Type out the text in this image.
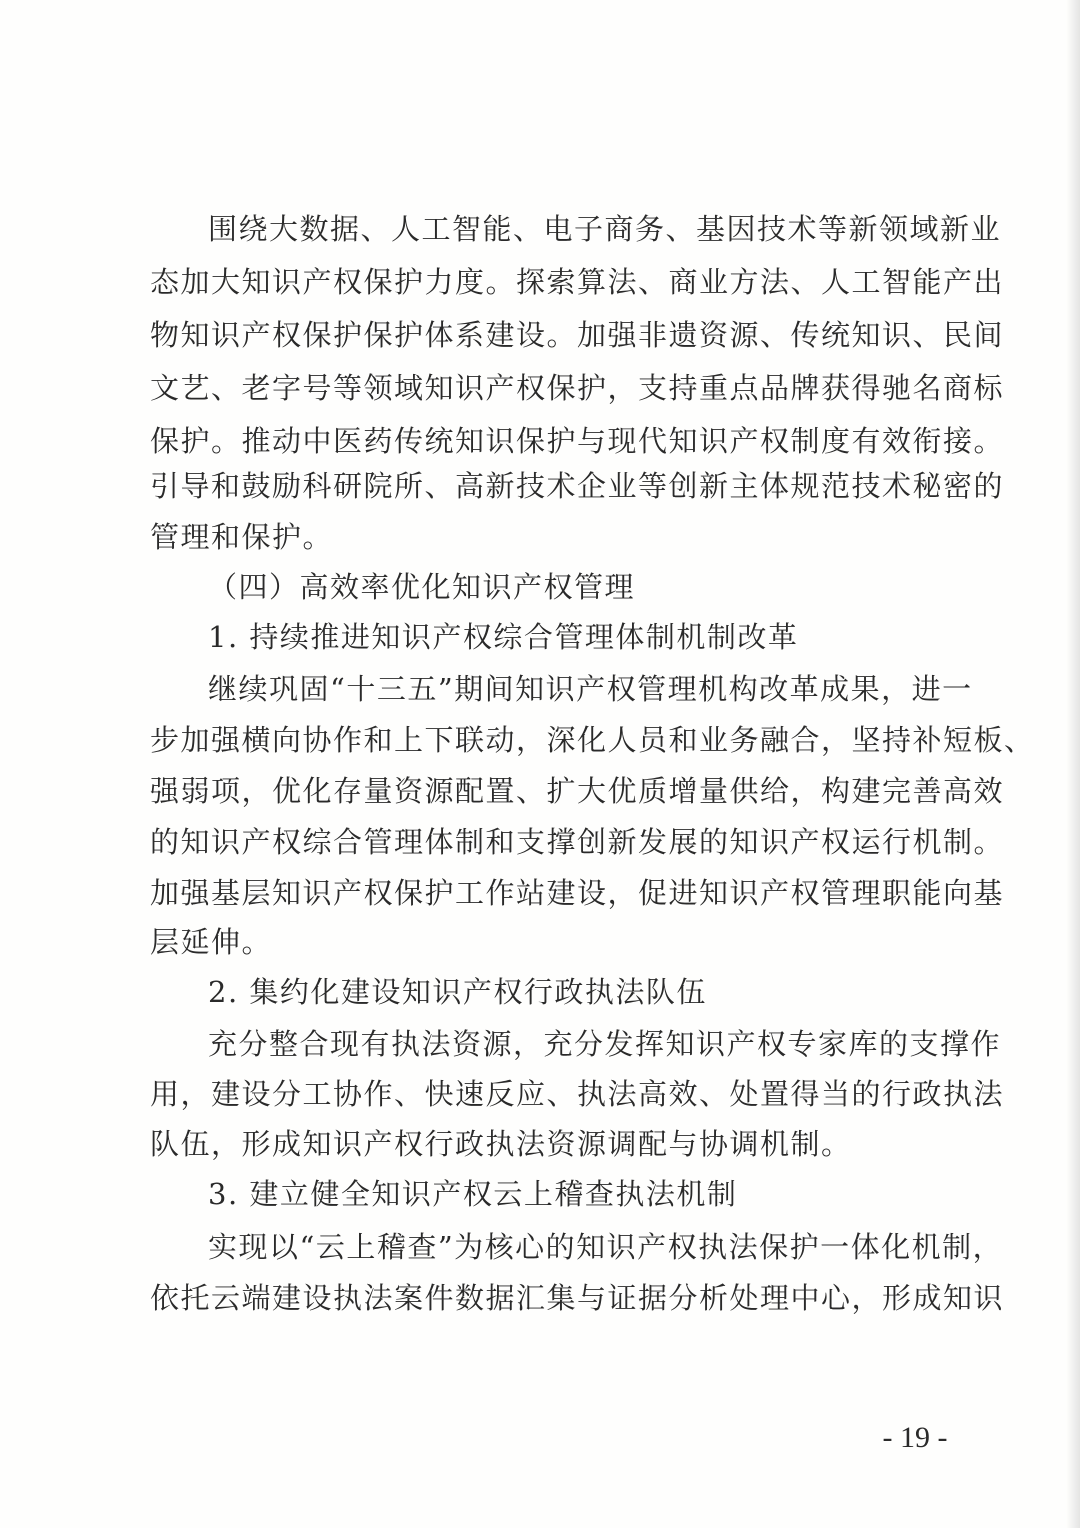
围绕大数据、人工智能、电子商务、基因技术等新领域新业
态加大知识产权保护力度。探索算法、商业方法、人工智能产出
物知识产权保护保护体系建设。加强非遗资源、传统知识、民间
文艺、老字号等领域知识产权保护，支持重点品牌获得驰名商标
保护。推动中医药传统知识保护与现代知识产权制度有效衔接。
引导和鼓励科研院所、高新技术企业等创新主体规范技术秘密的
管理和保护。
（四）高效率优化知识产权管理
1. 持续推进知识产权综合管理体制机制改革
继续巩固“十三五”期间知识产权管理机构改革成果，进一
步加强横向协作和上下联动，深化人员和业务融合，坚持补短板、
强弱项，优化存量资源配置、扩大优质增量供给，构建完善高效
的知识产权综合管理体制和支撑创新发展的知识产权运行机制。
加强基层知识产权保护工作站建设，促进知识产权管理职能向基
层延伸。
2. 集约化建设知识产权行政执法队伍
充分整合现有执法资源，充分发挥知识产权专家库的支撑作
用，建设分工协作、快速反应、执法高效、处置得当的行政执法
队伍，形成知识产权行政执法资源调配与协调机制。
3. 建立健全知识产权云上稽查执法机制
实现以“云上稽查”为核心的知识产权执法保护一体化机制，
依托云端建设执法案件数据汇集与证据分析处理中心，形成知识
- 19 -
